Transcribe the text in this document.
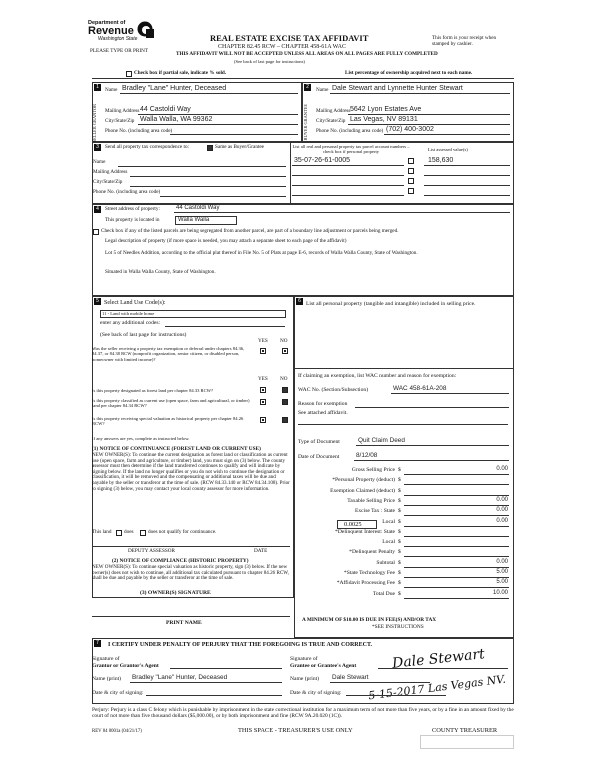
Department of
Revenue
Washington State
PLEASE TYPE OR PRINT
REAL ESTATE EXCISE TAX AFFIDAVIT
CHAPTER 82.45 RCW – CHAPTER 458-61A WAC
THIS AFFIDAVIT WILL NOT BE ACCEPTED UNLESS ALL AREAS ON ALL PAGES ARE FULLY COMPLETED
(See back of last page for instructions)
This form is your receipt when stamped by cashier.
Check box if partial sale, indicate % sold.	List percentage of ownership acquired next to each name.
1
SELLER GRANTOR
Name Bradley "Lane" Hunter, Deceased
Mailing Address 44 Castoldi Way
City/State/Zip Walla Walla, WA 99362
Phone No. (including area code)
2
BUYER GRANTEE
Name Dale Stewart and Lynnette Hunter Stewart
Mailing Address 5642 Lyon Estates Ave
City/State/Zip Las Vegas, NV 89131
Phone No. (including area code) (702) 400-3002
3	Send all property tax correspondence to:	Same as Buyer/Grantee	List all real and personal property tax parcel account numbers – check box if personal property	List assessed value(s)
Name
Mailing Address
City/State/Zip
Phone No. (including area code)
35-07-26-61-0005	158,630
4	Street address of property:	44 Castoldi Way
This property is located in	Walla Walla
Check box if any of the listed parcels are being segregated from another parcel, are part of a boundary line adjustment or parcels being merged.
Legal description of property (if more space is needed, you may attach a separate sheet to each page of the affidavit)
Lot 5 of Needles Addition, according to the official plat thereof in File No. 5 of Plats at page E-6, records of Walla Walla County, State of Washington.
Situated in Walla Walla County, State of Washington.
5 Select Land Use Code(s):
11 - Land with mobile home
enter any additional codes:
(See back of last page for instructions)
YES NO
Was the seller receiving a property tax exemption or deferral under chapters 84.36, 84.37, or 84.38 RCW (nonprofit organization, senior citizen, or disabled person, homeowner with limited income)?
YES NO
Is this property designated as forest land per chapter 84.33 RCW?
Is this property classified as current use (open space, farm and agricultural, or timber) land per chapter 84.34 RCW?
Is this property receiving special valuation as historical property per chapter 84.26 RCW?
If any answers are yes, complete as instructed below.
(1) NOTICE OF CONTINUANCE (FOREST LAND OR CURRENT USE)
NEW OWNER(S): To continue the current designation as forest land or classification as current use (open space, farm and agriculture, or timber) land, you must sign on (3) below. The county assessor must then determine if the land transferred continues to qualify and will indicate by signing below. If the land no longer qualifies or you do not wish to continue the designation or classification, it will be removed and the compensating or additional taxes will be due and payable by the seller or transferor at the time of sale. (RCW 84.33.140 or RCW 84.34.108). Prior to signing (3) below, you may contact your local county assessor for more information.
This land does	does not qualify for continuance.
DEPUTY ASSESSOR	DATE
(2) NOTICE OF COMPLIANCE (HISTORIC PROPERTY)
NEW OWNER(S): To continue special valuation as historic property, sign (3) below. If the new owner(s) does not wish to continue, all additional tax calculated pursuant to chapter 84.26 RCW, shall be due and payable by the seller or transferor at the time of sale.
(3) OWNER(S) SIGNATURE
PRINT NAME
6 List all personal property (tangible and intangible) included in selling price.
If claiming an exemption, list WAC number and reason for exemption:
WAC No. (Section/Subsection)	WAC 458-61A-208
Reason for exemption
See attached affidavit.
Type of Document	Quit Claim Deed
Date of Document	8/12/08
Gross Selling Price $	0.00
*Personal Property (deduct) $
Exemption Claimed (deduct) $
Taxable Selling Price $	0.00
Excise Tax : State $	0.00
Local $	0.00
*Delinquent Interest: State $
Local $
*Delinquent Penalty $
Subtotal $	0.00
*State Technology Fee $	5.00
*Affidavit Processing Fee $	5.00
Total Due $	10.00
0.0025
A MINIMUM OF $10.00 IS DUE IN FEE(S) AND/OR TAX
*SEE INSTRUCTIONS
7	I CERTIFY UNDER PENALTY OF PERJURY THAT THE FOREGOING IS TRUE AND CORRECT.
Signature of
Grantor or Grantor's Agent
Name (print) Bradley "Lane" Hunter, Deceased
Date & city of signing:
Signature of
Grantee or Grantee's Agent	Dale Stewart
Name (print) Dale Stewart
Date & city of signing: 5-15-2017 Las Vegas NV.
Perjury: Perjury is a class C felony which is punishable by imprisonment in the state correctional institution for a maximum term of not more than five years, or by a fine in an amount fixed by the court of not more than five thousand dollars ($5,000.00), or by both imprisonment and fine (RCW 9A.20.020 (1C)).
REV 84 0001a (04/21/17)	THIS SPACE - TREASURER'S USE ONLY	COUNTY TREASURER
